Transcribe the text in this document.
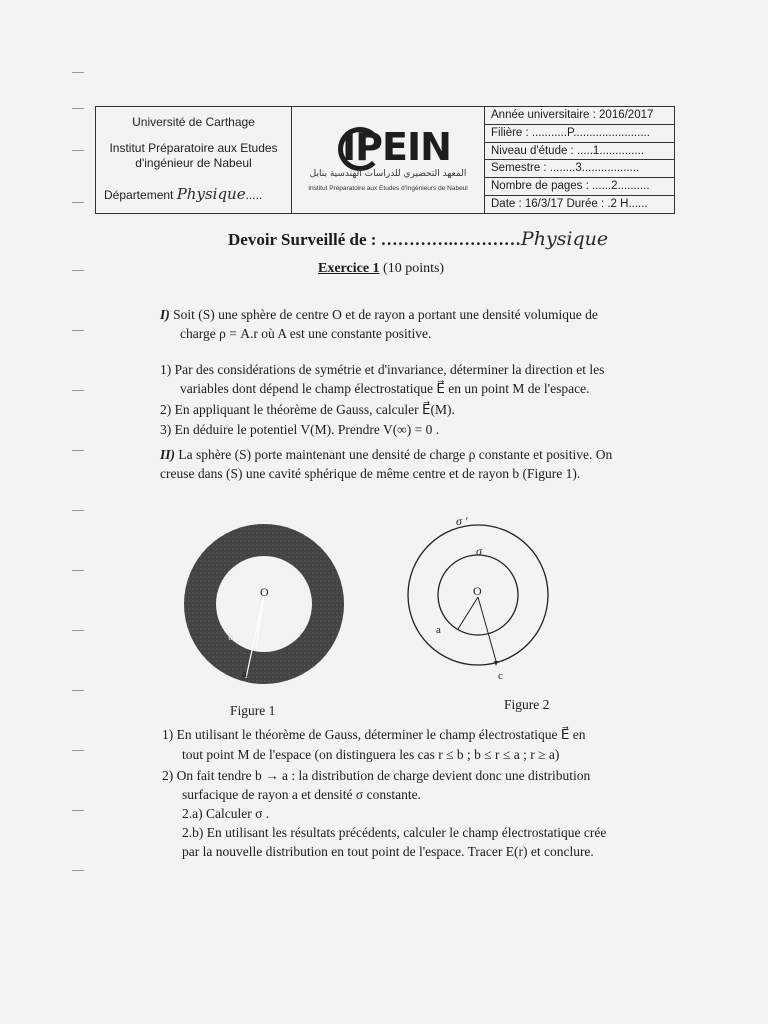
Université de Carthage
Institut Préparatoire aux Etudes
d'ingénieur de Nabeul
Département Physique.....
IPEIN
المعهد التحضيري للدراسات الهندسية بنابل
Institut Préparatoire aux Etudes d'Ingénieurs de Nabeul
Année universitaire : 2016/2017
Filière : ...........P........................
Niveau d'étude : .....1..............
Semestre : ........3..................
Nombre de pages : ......2..........
Date : 16/3/17 Durée : .2 H......
Devoir Surveillé de : ………….…………Physique
Exercice 1 (10 points)
I) Soit (S) une sphère de centre O et de rayon a portant une densité volumique de
charge ρ = A.r où A est une constante positive.
1) Par des considérations de symétrie et d'invariance, déterminer la direction et les
variables dont dépend le champ électrostatique E⃗ en un point M de l'espace.
2) En appliquant le théorème de Gauss, calculer E⃗(M).
3) En déduire le potentiel V(M). Prendre V(∞) = 0 .
II) La sphère (S) porte maintenant une densité de charge ρ constante et positive. On
creuse dans (S) une cavité sphérique de même centre et de rayon b (Figure 1).
O
b
a
Figure 1
O
a
σ
σ '
c
Figure 2
1) En utilisant le théorème de Gauss, déterminer le champ électrostatique E⃗ en
tout point M de l'espace (on distinguera les cas r ≤ b ; b ≤ r ≤ a ; r ≥ a)
2) On fait tendre b → a : la distribution de charge devient donc une distribution
surfacique de rayon a et densité σ constante.
2.a) Calculer σ .
2.b) En utilisant les résultats précédents, calculer le champ électrostatique crée
par la nouvelle distribution en tout point de l'espace. Tracer E(r) et conclure.
